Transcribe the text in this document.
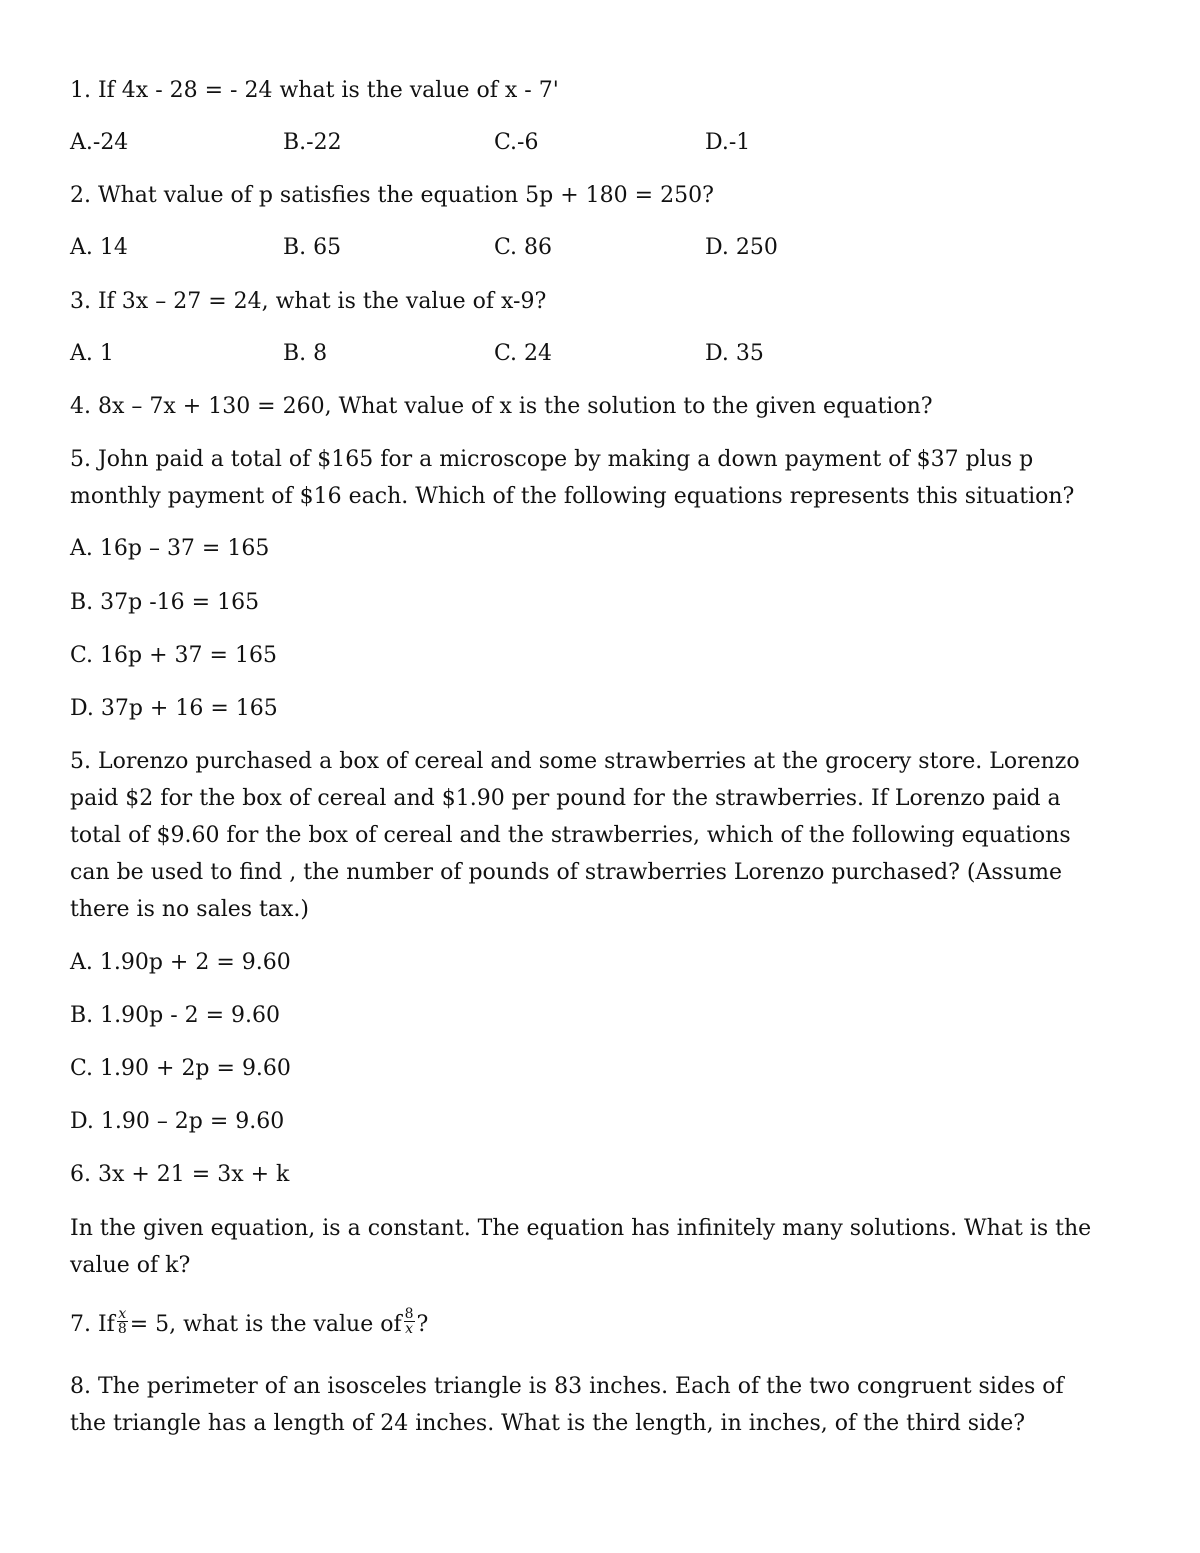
1. If 4x - 28 = - 24 what is the value of x - 7'
A.-24	B.-22	C.-6	D.-1
2. What value of p satisfies the equation 5p + 180 = 250?
A. 14	B. 65	C. 86	D. 250
3. If 3x – 27 = 24, what is the value of x-9?
A. 1	B. 8	C. 24	D. 35
4. 8x – 7x + 130 = 260, What value of x is the solution to the given equation?
5. John paid a total of $165 for a microscope by making a down payment of $37 plus p
monthly payment of $16 each. Which of the following equations represents this situation?
A. 16p – 37 = 165
B. 37p -16 = 165
C. 16p + 37 = 165
D. 37p + 16 = 165
5. Lorenzo purchased a box of cereal and some strawberries at the grocery store. Lorenzo
paid $2 for the box of cereal and $1.90 per pound for the strawberries. If Lorenzo paid a
total of $9.60 for the box of cereal and the strawberries, which of the following equations
can be used to find , the number of pounds of strawberries Lorenzo purchased? (Assume
there is no sales tax.)
A. 1.90p + 2 = 9.60
B. 1.90p - 2 = 9.60
C. 1.90 + 2p = 9.60
D. 1.90 – 2p = 9.60
6. 3x + 21 = 3x + k
In the given equation, is a constant. The equation has infinitely many solutions. What is the
value of k?
7. If $\frac{x}{8} = 5$, what is the value of $\frac{8}{x}$ ?
8. The perimeter of an isosceles triangle is 83 inches. Each of the two congruent sides of
the triangle has a length of 24 inches. What is the length, in inches, of the third side?
